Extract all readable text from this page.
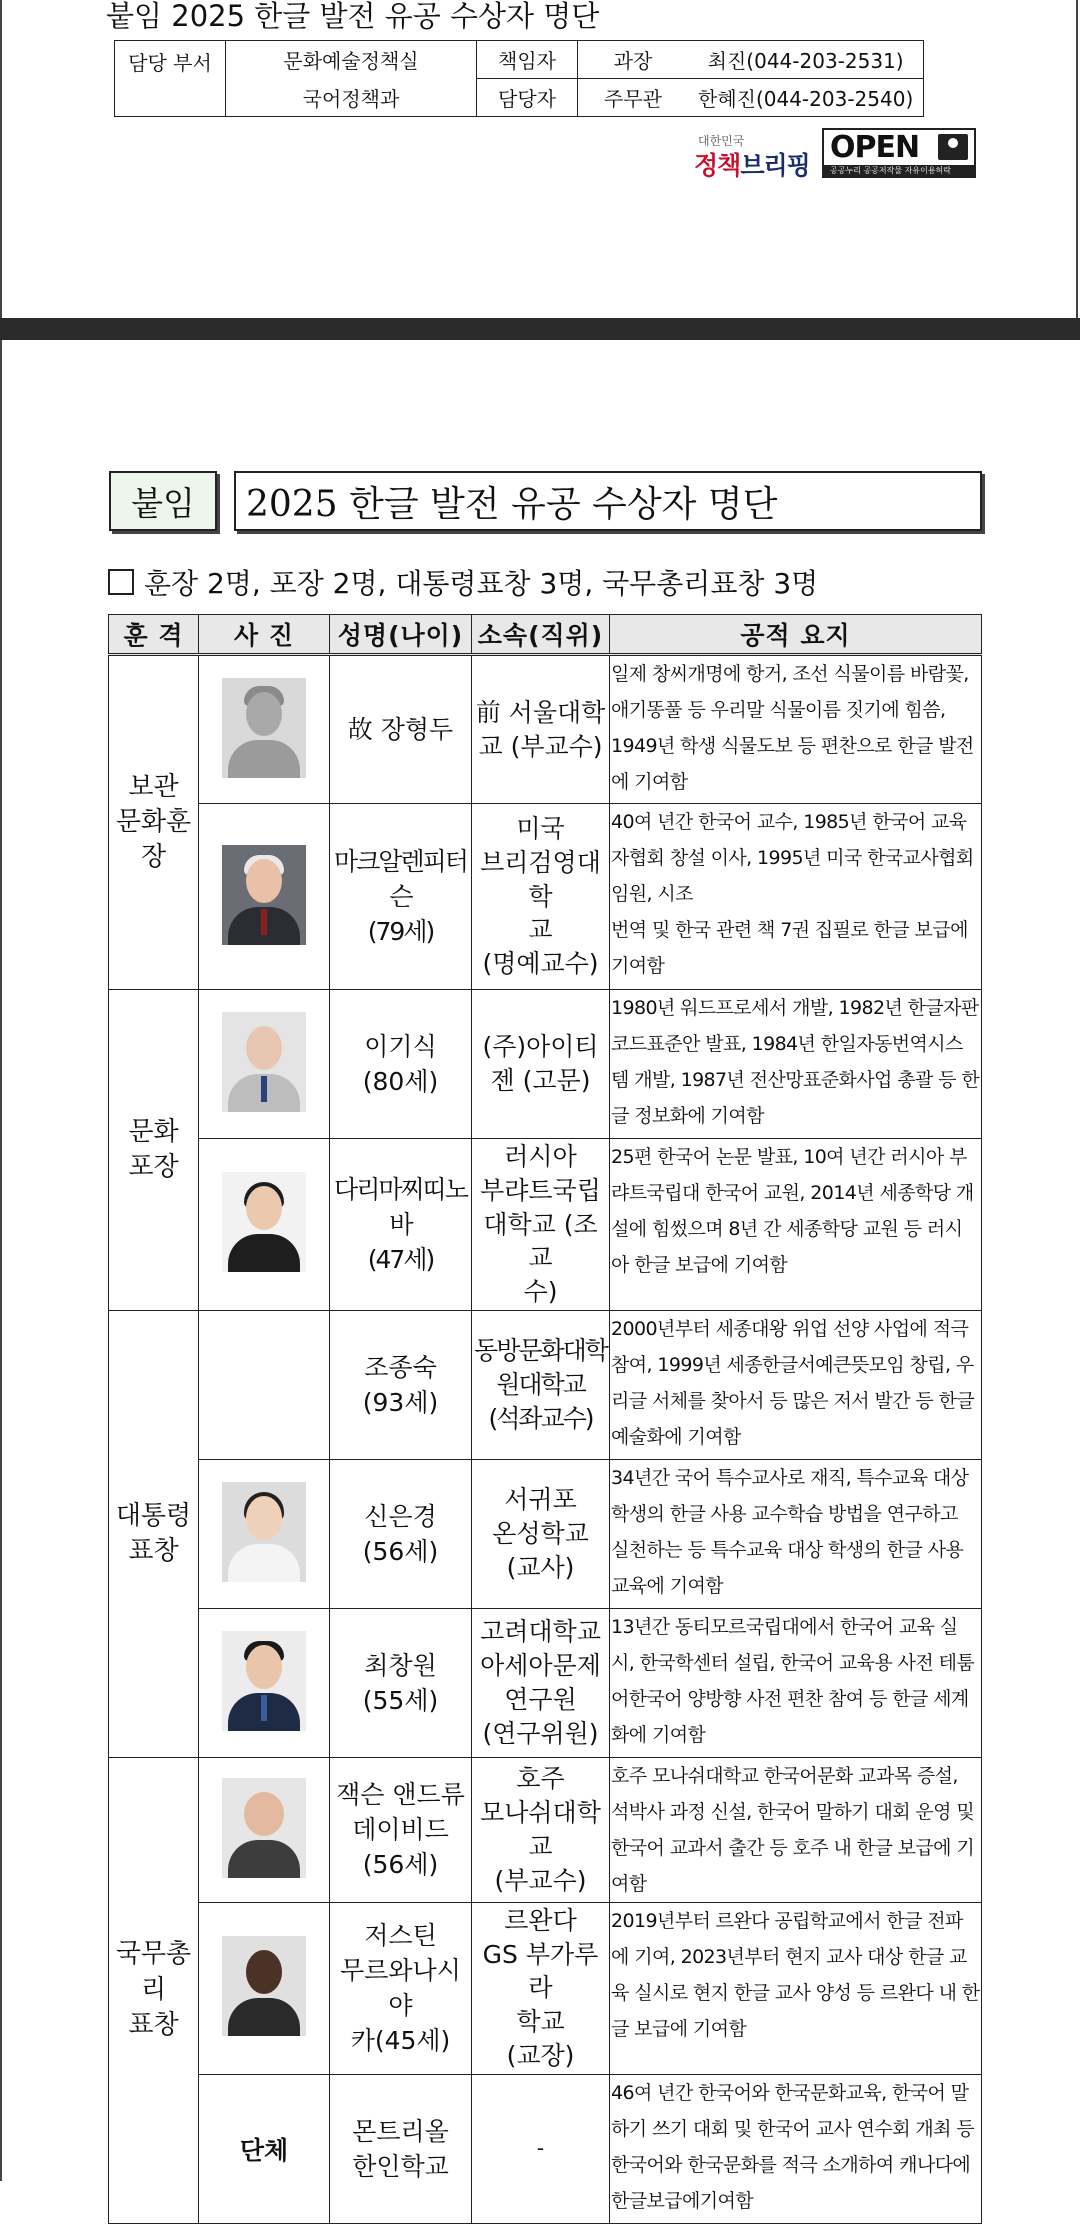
붙임 2025 한글 발전 유공 수상자 명단
담당 부서	문화예술정책실	책임자	과장	최진(044-203-2531)
	국어정책과	담당자	주무관	한혜진(044-203-2540)
대한민국
정책브리핑
OPEN
공공누리 공공저작물 자유이용허락
붙임	2025 한글 발전 유공 수상자 명단
훈장 2명, 포장 2명, 대통령표창 3명, 국무총리표창 3명
훈 격	사 진	성명(나이)	소속(직위)	공적 요지
보관
문화훈
장		故 장형두	前 서울대학
교 (부교수)	일제 창씨개명에 항거, 조선 식물이름 바람꽃, 애기똥풀 등 우리말 식물이름 짓기에 힘씀, 1949년 학생 식물도보 등 편찬으로 한글 발전에 기여함

		마크알렌피터슨
(79세)	미국
브리검영대학
교
(명예교수)	40여 년간 한국어 교수, 1985년 한국어 교육자협회 창설 이사, 1995년 미국 한국교사협회 임원, 시조
번역 및 한국 관련 책 7권 집필로 한글 보급에 기여함
문화
포장		이기식
(80세)	(주)아이티
젠 (고문)	1980년 워드프로세서 개발, 1982년 한글자판 코드표준안 발표, 1984년 한일자동번역시스템 개발, 1987년 전산망표준화사업 총괄 등 한글 정보화에 기여함

		다리마찌띠노바
(47세)	러시아
부랴트국립
대학교 (조교
수)	25편 한국어 논문 발표, 10여 년간 러시아 부랴트국립대 한국어 교원, 2014년 세종학당 개설에 힘썼으며 8년 간 세종학당 교원 등 러시아 한글 보급에 기여함
대통령
표창		조종숙
(93세)	동방문화대학
원대학교
(석좌교수)	2000년부터 세종대왕 위업 선양 사업에 적극 참여, 1999년 세종한글서예큰뜻모임 창립, 우리글 서체를 찾아서 등 많은 저서 발간 등 한글 예술화에 기여함

		신은경
(56세)	서귀포
온성학교
(교사)	34년간 국어 특수교사로 재직, 특수교육 대상 학생의 한글 사용 교수학습 방법을 연구하고 실천하는 등 특수교육 대상 학생의 한글 사용 교육에 기여함

		최창원
(55세)	고려대학교
아세아문제
연구원
(연구위원)	13년간 동티모르국립대에서 한국어 교육 실시, 한국학센터 설립, 한국어 교육용 사전 테툼어한국어 양방향 사전 편찬 참여 등 한글 세계화에 기여함
국무총
리
표창		잭슨 앤드류
데이비드
(56세)	호주
모나쉬대학
교
(부교수)	호주 모나쉬대학교 한국어문화 교과목 증설, 석박사 과정 신설, 한국어 말하기 대회 운영 및 한국어 교과서 출간 등 호주 내 한글 보급에 기여함

		저스틴
무르와나시야
카(45세)	르완다
GS 부가루라
학교
(교장)	2019년부터 르완다 공립학교에서 한글 전파에 기여, 2023년부터 현지 교사 대상 한글 교육 실시로 현지 한글 교사 양성 등 르완다 내 한글 보급에 기여함
	단체	몬트리올
한인학교	-	46여 년간 한국어와 한국문화교육, 한국어 말하기 쓰기 대회 및 한국어 교사 연수회 개최 등 한국어와 한국문화를 적극 소개하여 캐나다에 한글보급에기여함
